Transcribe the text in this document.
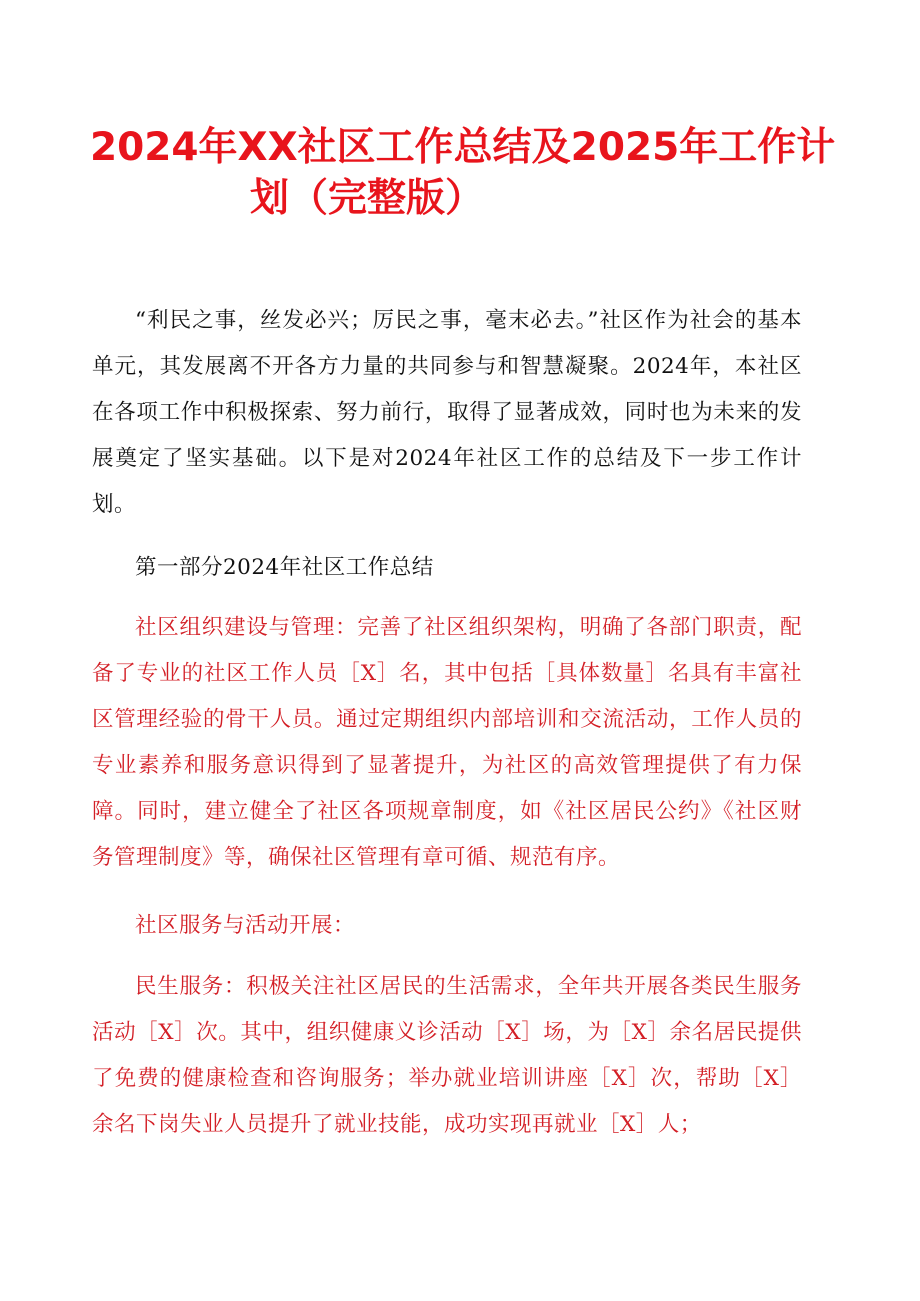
2024年XX社区工作总结及2025年工作计
划（完整版）

“利民之事，丝发必兴；厉民之事，毫末必去。”社区作为社会的基本单元，其发展离不开各方力量的共同参与和智慧凝聚。2024年，本社区在各项工作中积极探索、努力前行，取得了显著成效，同时也为未来的发展奠定了坚实基础。以下是对2024年社区工作的总结及下一步工作计划。

第一部分2024年社区工作总结

社区组织建设与管理：完善了社区组织架构，明确了各部门职责，配备了专业的社区工作人员［X］名，其中包括［具体数量］名具有丰富社区管理经验的骨干人员。通过定期组织内部培训和交流活动，工作人员的专业素养和服务意识得到了显著提升，为社区的高效管理提供了有力保障。同时，建立健全了社区各项规章制度，如《社区居民公约》《社区财务管理制度》等，确保社区管理有章可循、规范有序。

社区服务与活动开展：

民生服务：积极关注社区居民的生活需求，全年共开展各类民生服务活动［X］次。其中，组织健康义诊活动［X］场，为［X］余名居民提供了免费的健康检查和咨询服务；举办就业培训讲座［X］次，帮助［X］余名下岗失业人员提升了就业技能，成功实现再就业［X］人；
